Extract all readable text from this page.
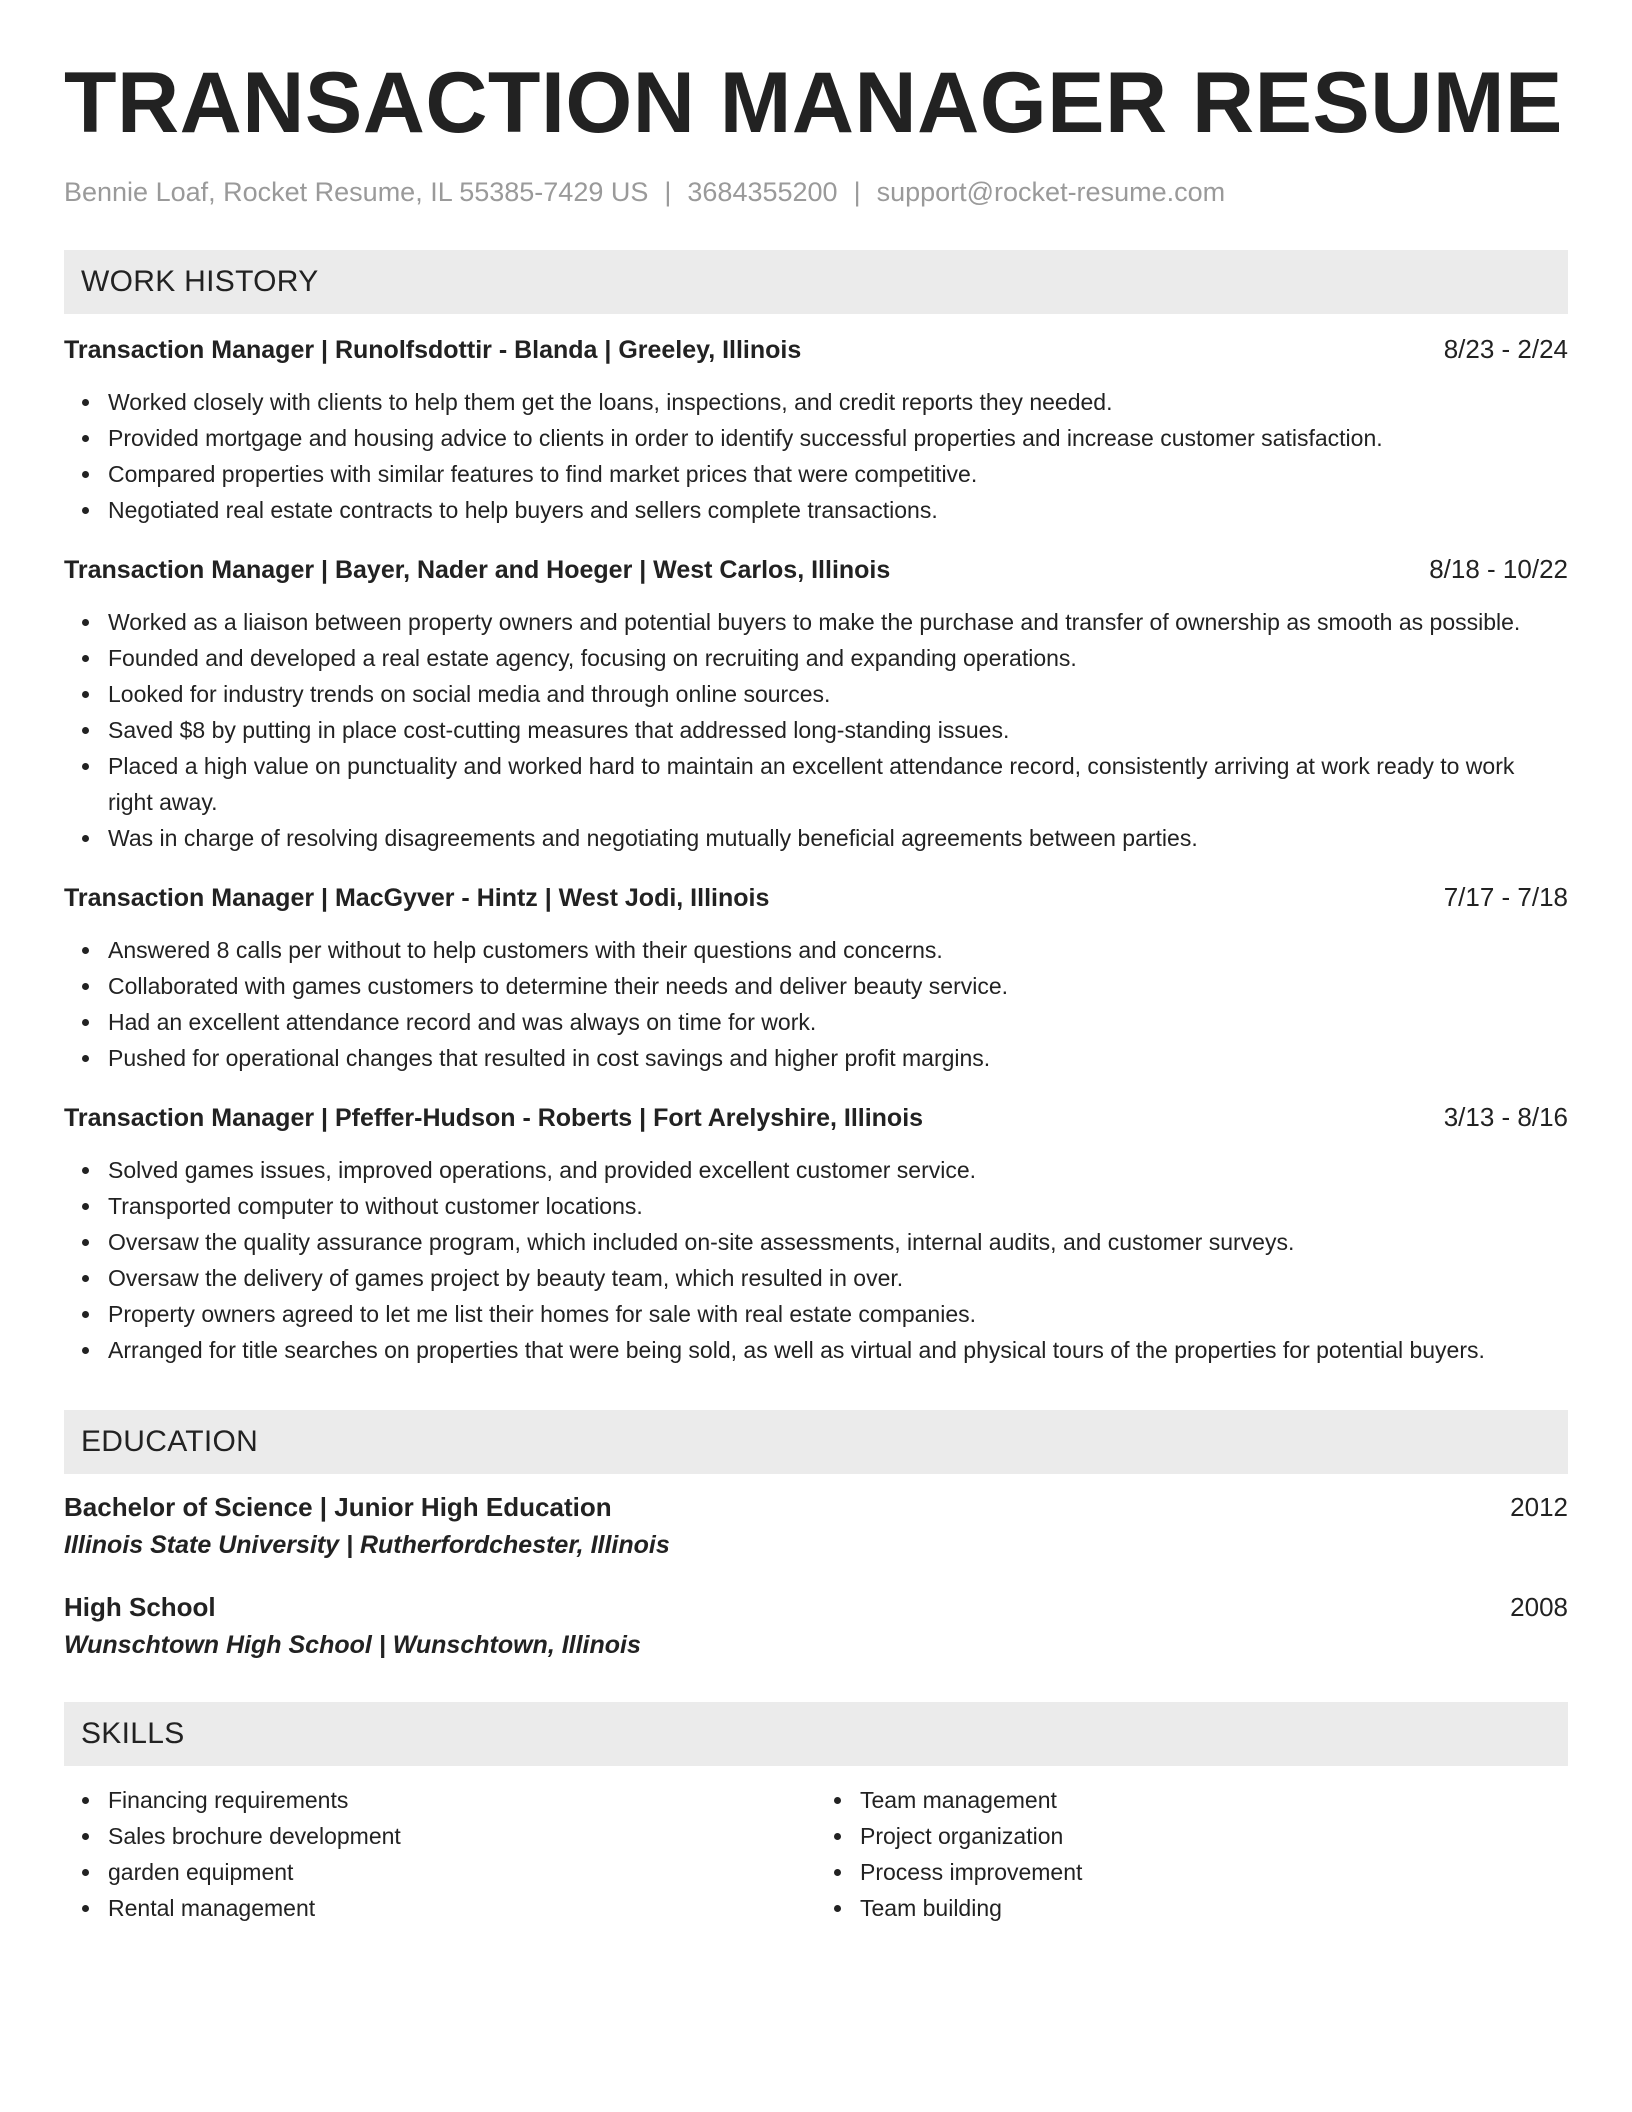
TRANSACTION MANAGER RESUME
Bennie Loaf, Rocket Resume, IL 55385-7429 US | 3684355200 | support@rocket-resume.com
WORK HISTORY
Transaction Manager | Runolfsdottir - Blanda | Greeley, Illinois	8/23 - 2/24
Worked closely with clients to help them get the loans, inspections, and credit reports they needed.
Provided mortgage and housing advice to clients in order to identify successful properties and increase customer satisfaction.
Compared properties with similar features to find market prices that were competitive.
Negotiated real estate contracts to help buyers and sellers complete transactions.
Transaction Manager | Bayer, Nader and Hoeger | West Carlos, Illinois	8/18 - 10/22
Worked as a liaison between property owners and potential buyers to make the purchase and transfer of ownership as smooth as possible.
Founded and developed a real estate agency, focusing on recruiting and expanding operations.
Looked for industry trends on social media and through online sources.
Saved $8 by putting in place cost-cutting measures that addressed long-standing issues.
Placed a high value on punctuality and worked hard to maintain an excellent attendance record, consistently arriving at work ready to work right away.
Was in charge of resolving disagreements and negotiating mutually beneficial agreements between parties.
Transaction Manager | MacGyver - Hintz | West Jodi, Illinois	7/17 - 7/18
Answered 8 calls per without to help customers with their questions and concerns.
Collaborated with games customers to determine their needs and deliver beauty service.
Had an excellent attendance record and was always on time for work.
Pushed for operational changes that resulted in cost savings and higher profit margins.
Transaction Manager | Pfeffer-Hudson - Roberts | Fort Arelyshire, Illinois	3/13 - 8/16
Solved games issues, improved operations, and provided excellent customer service.
Transported computer to without customer locations.
Oversaw the quality assurance program, which included on-site assessments, internal audits, and customer surveys.
Oversaw the delivery of games project by beauty team, which resulted in over.
Property owners agreed to let me list their homes for sale with real estate companies.
Arranged for title searches on properties that were being sold, as well as virtual and physical tours of the properties for potential buyers.
EDUCATION
Bachelor of Science | Junior High Education	2012
Illinois State University | Rutherfordchester, Illinois
High School	2008
Wunschtown High School | Wunschtown, Illinois
SKILLS
Financing requirements
Sales brochure development
garden equipment
Rental management
Team management
Project organization
Process improvement
Team building
